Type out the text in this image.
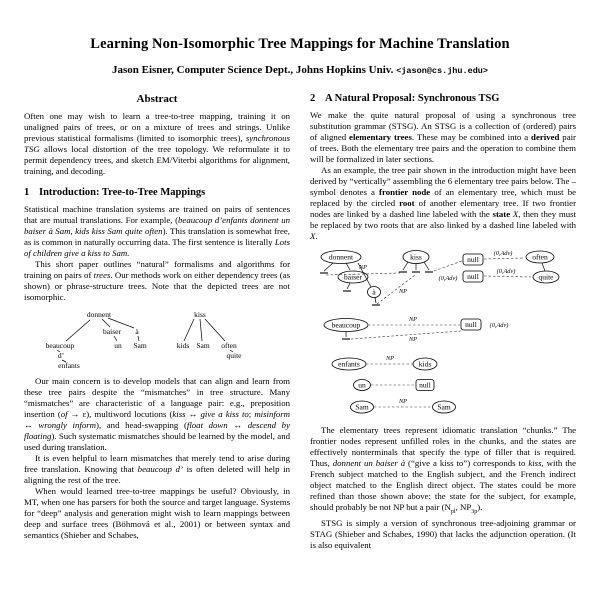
Learning Non-Isomorphic Tree Mappings for Machine Translation
Jason Eisner, Computer Science Dept., Johns Hopkins Univ. <jason@cs.jhu.edu>
Abstract

Often one may wish to learn a tree-to-tree mapping, training it on unaligned pairs of trees, or on a mixture of trees and strings. Unlike previous statistical formalisms (limited to isomorphic trees), synchronous TSG allows local distortion of the tree topology. We reformulate it to permit dependency trees, and sketch EM/Viterbi algorithms for alignment, training, and decoding.

1 Introduction: Tree-to-Tree Mappings

Statistical machine translation systems are trained on pairs of sentences that are mutual translations. For example, (beaucoup d’enfants donnent un baiser à Sam, kids kiss Sam quite often). This translation is somewhat free, as is common in naturally occurring data. The first sentence is literally Lots of children give a kiss to Sam.

This short paper outlines “natural” formalisms and algorithms for training on pairs of trees. Our methods work on either dependency trees (as shown) or phrase-structure trees. Note that the depicted trees are not isomorphic.

donnent
baiser à
beaucoup	un Sam
d’
enfants
kiss
kids Sam often
quite

Our main concern is to develop models that can align and learn from these tree pairs despite the “mismatches” in tree structure. Many “mismatches” are characteristic of a language pair: e.g., preposition insertion (of → ε), multiword locutions (kiss ↔ give a kiss to; misinform ↔ wrongly inform), and head-swapping (float down ↔ descend by floating). Such systematic mismatches should be learned by the model, and used during translation.

It is even helpful to learn mismatches that merely tend to arise during free translation. Knowing that beaucoup d’ is often deleted will help in aligning the rest of the tree.

When would learned tree-to-tree mappings be useful? Obviously, in MT, when one has parsers for both the source and target language. Systems for “deep” analysis and generation might wish to learn mappings between deep and surface trees (Böhmová et al., 2001) or between syntax and semantics (Shieber and Schabes,

2 A Natural Proposal: Synchronous TSG

We make the quite natural proposal of using a synchronous tree substitution grammar (STSG). An STSG is a collection of (ordered) pairs of aligned elementary trees. These may be combined into a derived pair of trees. Both the elementary tree pairs and the operation to combine them will be formalized in later sections.

As an example, the tree pair shown in the introduction might have been derived by “vertically” assembling the 6 elementary tree pairs below. The – symbol denotes a frontier node of an elementary tree, which must be replaced by the circled root of another elementary tree. If two frontier nodes are linked by a dashed line labeled with the state X, then they must be replaced by two roots that are also linked by a dashed line labeled with X.

donnent
baiser
à
kiss
NP
NP
(0,Adv)
null
(0,Adv)	often
quite
null
(0,Adv)
beaucoup
NP
null
NP
(0,Adv)
enfants
NP
kids
un	null
Sam
NP
Sam

The elementary trees represent idiomatic translation “chunks.” The frontier nodes represent unfilled roles in the chunks, and the states are effectively nonterminals that specify the type of filler that is required. Thus, donnent un baiser à (“give a kiss to”) corresponds to kiss, with the French subject matched to the English subject, and the French indirect object matched to the English direct object. The states could be more refined than those shown above: the state for the subject, for example, should probably be not NP but a pair ($N_{pl}$, $NP_{3p}$).

STSG is simply a version of synchronous tree-adjoining grammar or STAG (Shieber and Schabes, 1990) that lacks the adjunction operation. (It is also equivalent
